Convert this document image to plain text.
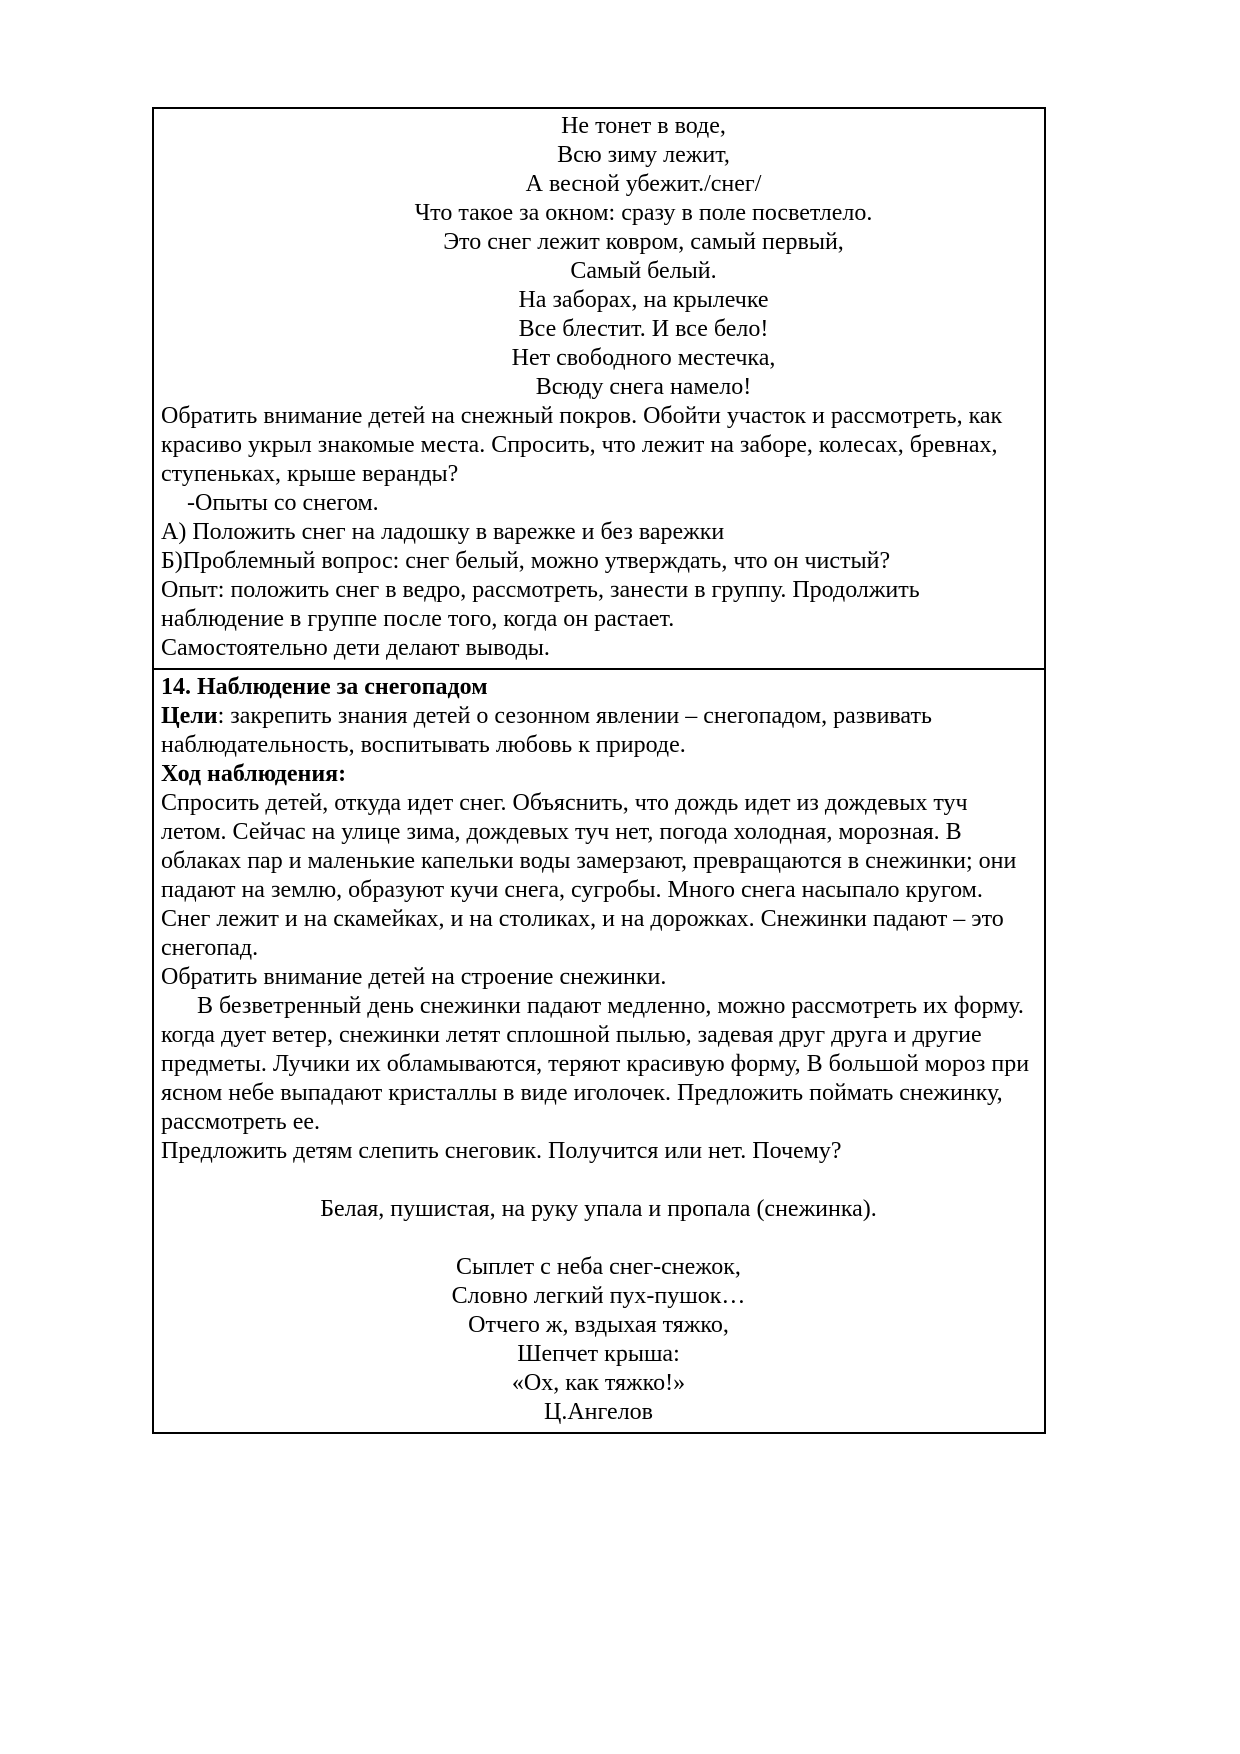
Не тонет в воде,
Всю зиму лежит,
А весной убежит./снег/
Что такое за окном: сразу в поле посветлело.
Это снег лежит ковром, самый первый,
Самый белый.
На заборах, на крылечке
Все блестит. И все бело!
Нет свободного местечка,
Всюду снега намело!

Обратить внимание детей на снежный покров. Обойти участок и рассмотреть, как красиво укрыл знакомые места. Спросить, что лежит на заборе, колесах, бревнах, ступеньках, крыше веранды?

-Опыты со снегом.
А) Положить снег на ладошку в варежке и без варежки
Б)Проблемный вопрос: снег белый, можно утверждать, что он чистый?

Опыт: положить снег в ведро, рассмотреть, занести в группу. Продолжить наблюдение в группе после того, когда он растает.

Самостоятельно дети делают выводы.
14. Наблюдение за снегопадом

Цели: закрепить знания детей о сезонном явлении – снегопадом, развивать наблюдательность, воспитывать любовь к природе.

Ход наблюдения:

Спросить детей, откуда идет снег. Объяснить, что дождь идет из дождевых туч летом. Сейчас на улице зима, дождевых туч нет, погода холодная, морозная. В облаках пар и маленькие капельки воды замерзают, превращаются в снежинки; они падают на землю, образуют кучи снега, сугробы. Много снега насыпало кругом. Снег лежит и на скамейках, и на столиках, и на дорожках. Снежинки падают – это снегопад.

Обратить внимание детей на строение снежинки.

В безветренный день снежинки падают медленно, можно рассмотреть их форму. когда дует ветер, снежинки летят сплошной пылью, задевая друг друга и другие предметы. Лучики их обламываются, теряют красивую форму, В большой мороз при ясном небе выпадают кристаллы в виде иголочек. Предложить поймать снежинку, рассмотреть ее.

Предложить детям слепить снеговик. Получится или нет. Почему?
Белая, пушистая, на руку упала и пропала (снежинка).
Сыплет с неба снег-снежок,
Словно легкий пух-пушок…
Отчего ж, вздыхая тяжко,
Шепчет крыша:
«Ох, как тяжко!»
Ц.Ангелов
